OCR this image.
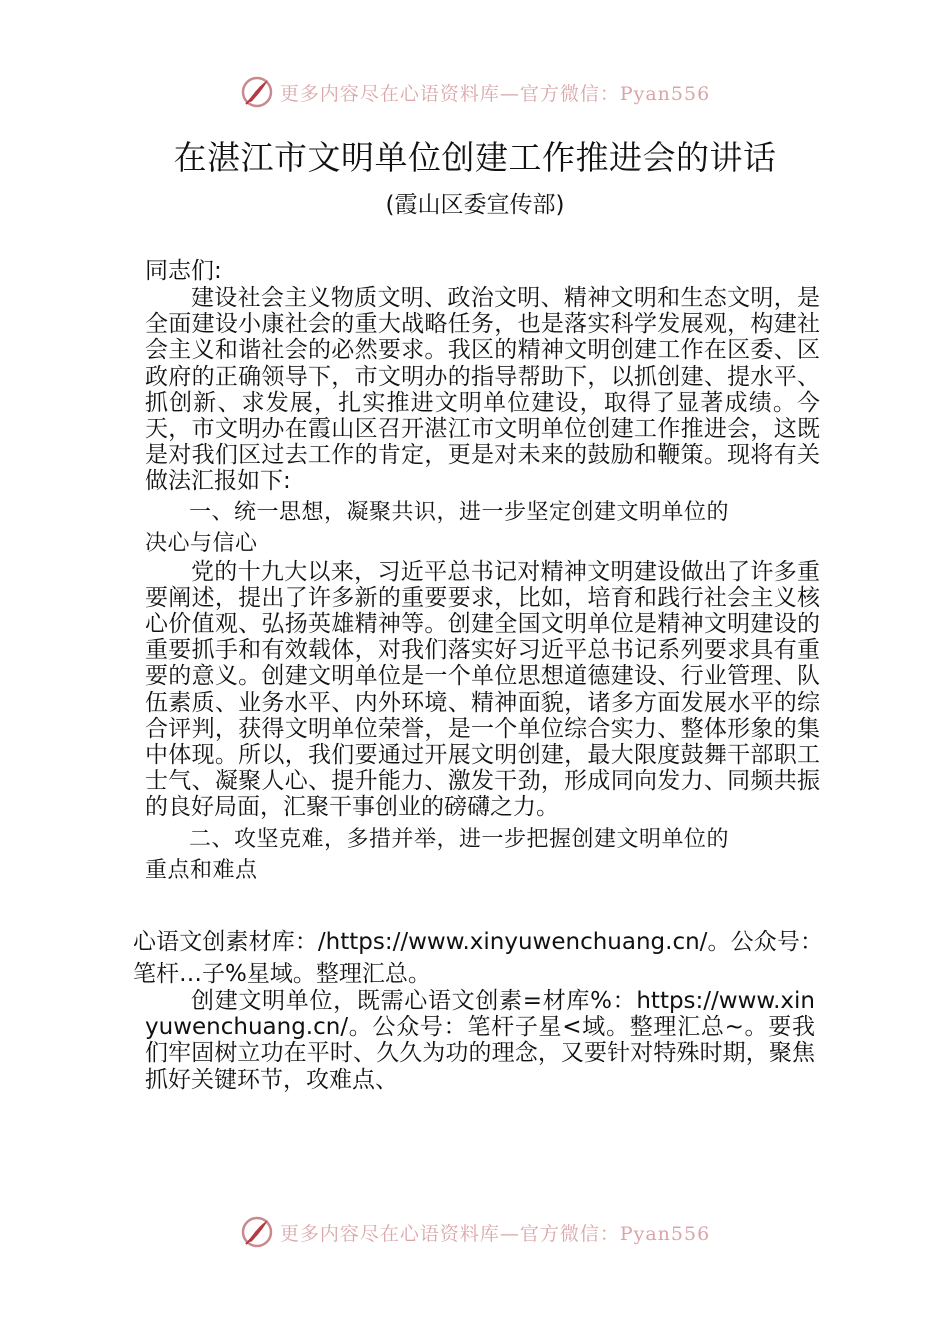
更多内容尽在心语资料库—官方微信：Pyan556
在湛江市文明单位创建工作推进会的讲话
(霞山区委宣传部)

同志们:

建设社会主义物质文明、政治文明、精神文明和生态文明，是全面建设小康社会的重大战略任务，也是落实科学发展观，构建社会主义和谐社会的必然要求。我区的精神文明创建工作在区委、区政府的正确领导下，市文明办的指导帮助下，以抓创建、提水平、抓创新、求发展，扎实推进文明单位建设，取得了显著成绩。今天，市文明办在霞山区召开湛江市文明单位创建工作推进会，这既是对我们区过去工作的肯定，更是对未来的鼓励和鞭策。现将有关做法汇报如下:

一、统一思想，凝聚共识，进一步坚定创建文明单位的

决心与信心

党的十九大以来，习近平总书记对精神文明建设做出了许多重要阐述，提出了许多新的重要要求，比如，培育和践行社会主义核心价值观、弘扬英雄精神等。创建全国文明单位是精神文明建设的重要抓手和有效载体，对我们落实好习近平总书记系列要求具有重要的意义。创建文明单位是一个单位思想道德建设、行业管理、队伍素质、业务水平、内外环境、精神面貌，诸多方面发展水平的综合评判，获得文明单位荣誉，是一个单位综合实力、整体形象的集中体现。所以，我们要通过开展文明创建，最大限度鼓舞干部职工士气、凝聚人心、提升能力、激发干劲，形成同向发力、同频共振的良好局面，汇聚干事创业的磅礴之力。

二、攻坚克难，多措并举，进一步把握创建文明单位的

重点和难点

心语文创素材库：/https://www.xinyuwenchuang.cn/。公众号：笔杆…子%星域。整理汇总。

创建文明单位，既需心语文创素=材库%：https://www.xinyuwenchuang.cn/。公众号：笔杆子星<域。整理汇总~。要我们牢固树立功在平时、久久为功的理念，又要针对特殊时期，聚焦抓好关键环节，攻难点、

更多内容尽在心语资料库—官方微信：Pyan556
